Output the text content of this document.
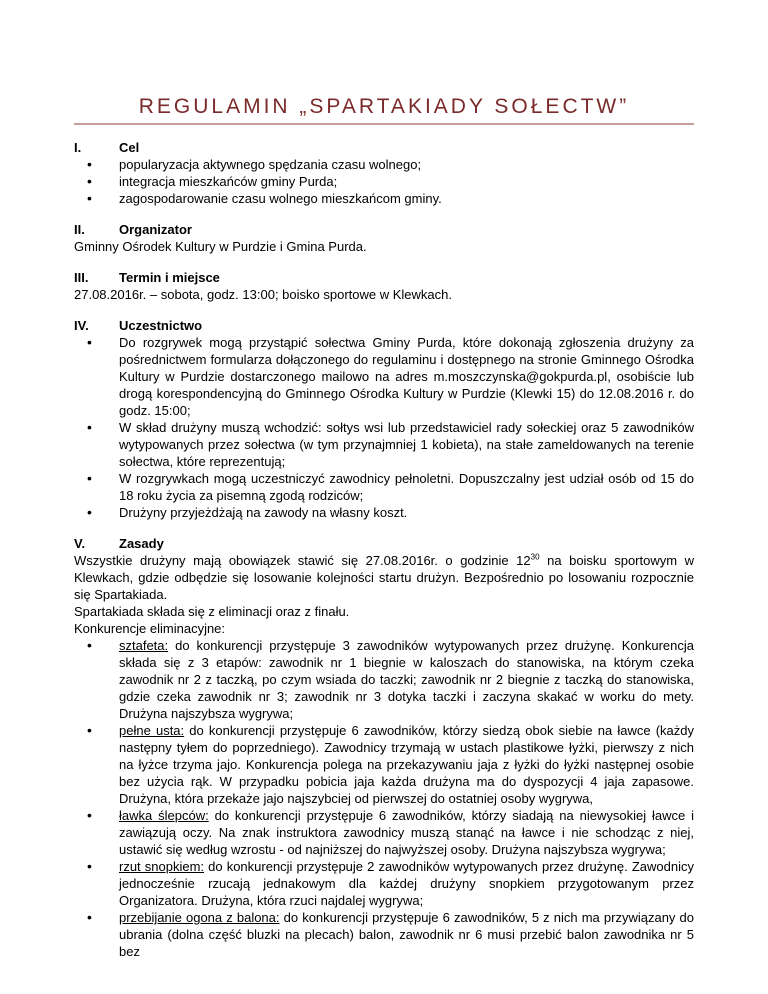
REGULAMIN „SPARTAKIADY SOŁECTW”
I.	Cel
• popularyzacja aktywnego spędzania czasu wolnego;
• integracja mieszkańców gminy Purda;
• zagospodarowanie czasu wolnego mieszkańcom gminy.
II.	Organizator
Gminny Ośrodek Kultury w Purdzie i Gmina Purda.
III.	Termin i miejsce
27.08.2016r. – sobota, godz. 13:00; boisko sportowe w Klewkach.
IV.	Uczestnictwo
• Do rozgrywek mogą przystąpić sołectwa Gminy Purda, które dokonają zgłoszenia drużyny za pośrednictwem formularza dołączonego do regulaminu i dostępnego na stronie Gminnego Ośrodka Kultury w Purdzie dostarczonego mailowo na adres m.moszczynska@gokpurda.pl, osobiście lub drogą korespondencyjną do Gminnego Ośrodka Kultury w Purdzie (Klewki 15) do 12.08.2016 r. do godz. 15:00;
• W skład drużyny muszą wchodzić: sołtys wsi lub przedstawiciel rady sołeckiej oraz 5 zawodników wytypowanych przez sołectwa (w tym przynajmniej 1 kobieta), na stałe zameldowanych na terenie sołectwa, które reprezentują;
• W rozgrywkach mogą uczestniczyć zawodnicy pełnoletni. Dopuszczalny jest udział osób od 15 do 18 roku życia za pisemną zgodą rodziców;
• Drużyny przyjeżdżają na zawody na własny koszt.
V.	Zasady
Wszystkie drużyny mają obowiązek stawić się 27.08.2016r. o godzinie $12^{30}$ na boisku sportowym w Klewkach, gdzie odbędzie się losowanie kolejności startu drużyn. Bezpośrednio po losowaniu rozpocznie się Spartakiada.
Spartakiada składa się z eliminacji oraz z finału.
Konkurencje eliminacyjne:
• sztafeta: do konkurencji przystępuje 3 zawodników wytypowanych przez drużynę. Konkurencja składa się z 3 etapów: zawodnik nr 1 biegnie w kaloszach do stanowiska, na którym czeka zawodnik nr 2 z taczką, po czym wsiada do taczki; zawodnik nr 2 biegnie z taczką do stanowiska, gdzie czeka zawodnik nr 3; zawodnik nr 3 dotyka taczki i zaczyna skakać w worku do mety. Drużyna najszybsza wygrywa;
• pełne usta: do konkurencji przystępuje 6 zawodników, którzy siedzą obok siebie na ławce (każdy następny tyłem do poprzedniego). Zawodnicy trzymają w ustach plastikowe łyżki, pierwszy z nich na łyżce trzyma jajo. Konkurencja polega na przekazywaniu jaja z łyżki do łyżki następnej osobie bez użycia rąk. W przypadku pobicia jaja każda drużyna ma do dyspozycji 4 jaja zapasowe. Drużyna, która przekaże jajo najszybciej od pierwszej do ostatniej osoby wygrywa,
• ławka ślepców: do konkurencji przystępuje 6 zawodników, którzy siadają na niewysokiej ławce i zawiązują oczy. Na znak instruktora zawodnicy muszą stanąć na ławce i nie schodząc z niej, ustawić się według wzrostu - od najniższej do najwyższej osoby. Drużyna najszybsza wygrywa;
• rzut snopkiem: do konkurencji przystępuje 2 zawodników wytypowanych przez drużynę. Zawodnicy jednocześnie rzucają jednakowym dla każdej drużyny snopkiem przygotowanym przez Organizatora. Drużyna, która rzuci najdalej wygrywa;
• przebijanie ogona z balona: do konkurencji przystępuje 6 zawodników, 5 z nich ma przywiązany do ubrania (dolna część bluzki na plecach) balon, zawodnik nr 6 musi przebić balon zawodnika nr 5 bez
